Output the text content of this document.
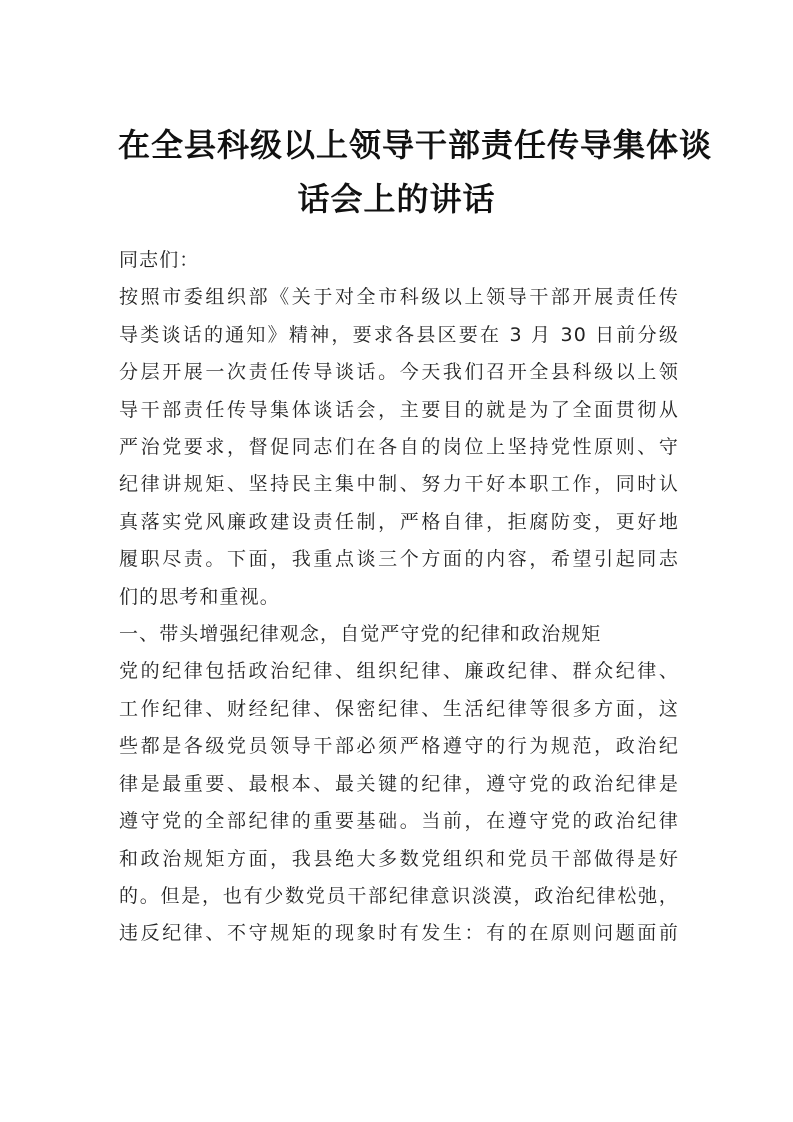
在全县科级以上领导干部责任传导集体谈
话会上的讲话

同志们：

按照市委组织部《关于对全市科级以上领导干部开展责任传
导类谈话的通知》精神，要求各县区要在 3 月 30 日前分级
分层开展一次责任传导谈话。今天我们召开全县科级以上领
导干部责任传导集体谈话会，主要目的就是为了全面贯彻从
严治党要求，督促同志们在各自的岗位上坚持党性原则、守
纪律讲规矩、坚持民主集中制、努力干好本职工作，同时认
真落实党风廉政建设责任制，严格自律，拒腐防变，更好地
履职尽责。下面，我重点谈三个方面的内容，希望引起同志
们的思考和重视。

一、带头增强纪律观念，自觉严守党的纪律和政治规矩

党的纪律包括政治纪律、组织纪律、廉政纪律、群众纪律、
工作纪律、财经纪律、保密纪律、生活纪律等很多方面，这
些都是各级党员领导干部必须严格遵守的行为规范，政治纪
律是最重要、最根本、最关键的纪律，遵守党的政治纪律是
遵守党的全部纪律的重要基础。当前，在遵守党的政治纪律
和政治规矩方面，我县绝大多数党组织和党员干部做得是好
的。但是，也有少数党员干部纪律意识淡漠，政治纪律松弛，
违反纪律、不守规矩的现象时有发生：有的在原则问题面前
